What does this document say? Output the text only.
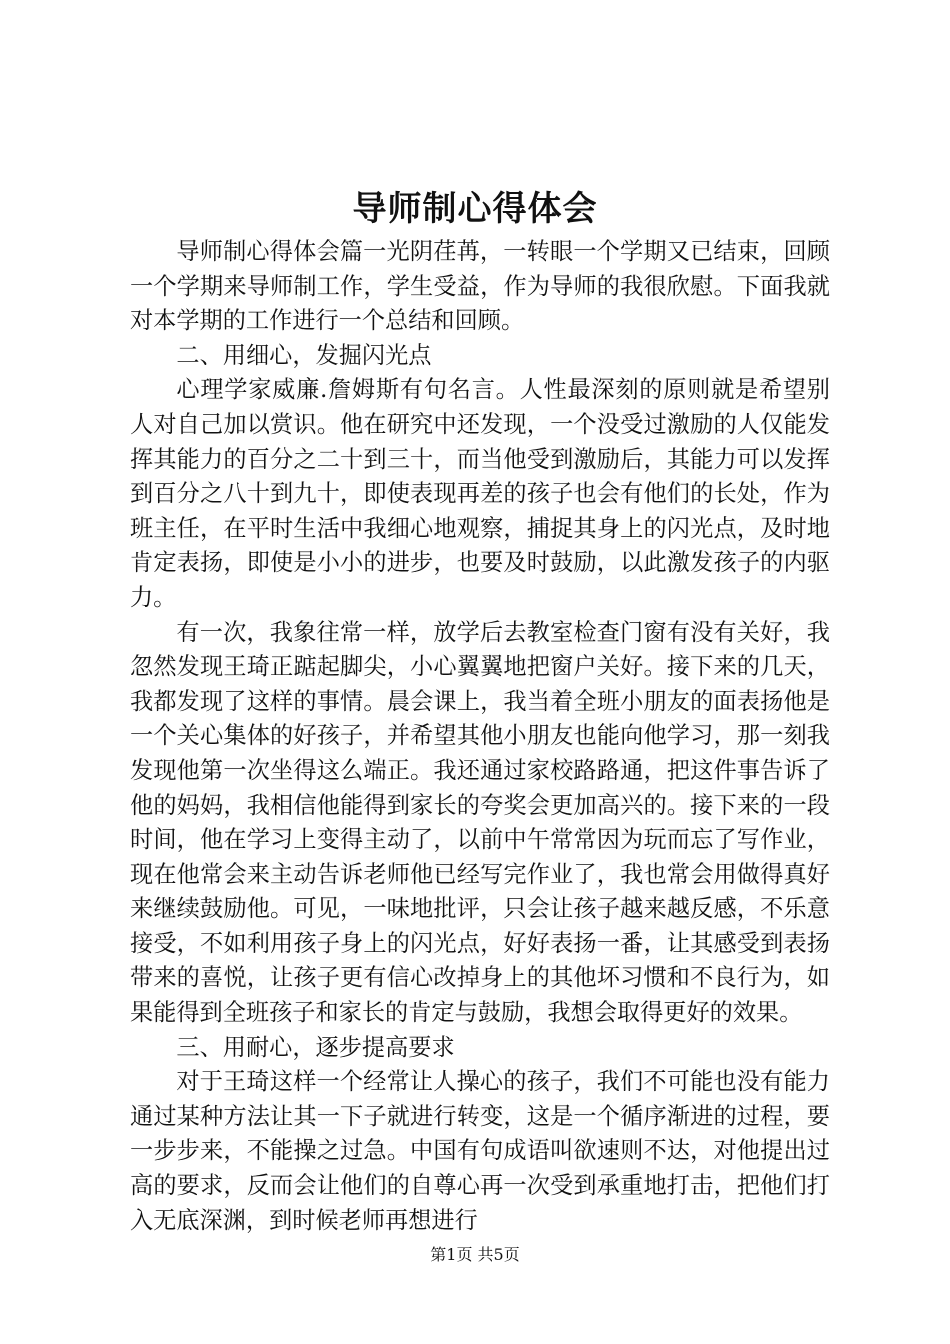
导师制心得体会

导师制心得体会篇一光阴荏苒，一转眼一个学期又已结束，回顾一个学期来导师制工作，学生受益，作为导师的我很欣慰。下面我就对本学期的工作进行一个总结和回顾。

二、用细心，发掘闪光点

心理学家威廉.詹姆斯有句名言。人性最深刻的原则就是希望别人对自己加以赏识。他在研究中还发现，一个没受过激励的人仅能发挥其能力的百分之二十到三十，而当他受到激励后，其能力可以发挥到百分之八十到九十，即使表现再差的孩子也会有他们的长处，作为班主任，在平时生活中我细心地观察，捕捉其身上的闪光点，及时地肯定表扬，即使是小小的进步，也要及时鼓励，以此激发孩子的内驱力。

有一次，我象往常一样，放学后去教室检查门窗有没有关好，我忽然发现王琦正踮起脚尖，小心翼翼地把窗户关好。接下来的几天，我都发现了这样的事情。晨会课上，我当着全班小朋友的面表扬他是一个关心集体的好孩子，并希望其他小朋友也能向他学习，那一刻我发现他第一次坐得这么端正。我还通过家校路路通，把这件事告诉了他的妈妈，我相信他能得到家长的夸奖会更加高兴的。接下来的一段时间，他在学习上变得主动了，以前中午常常因为玩而忘了写作业，现在他常会来主动告诉老师他已经写完作业了，我也常会用做得真好来继续鼓励他。可见，一味地批评，只会让孩子越来越反感，不乐意接受，不如利用孩子身上的闪光点，好好表扬一番，让其感受到表扬带来的喜悦，让孩子更有信心改掉身上的其他坏习惯和不良行为，如果能得到全班孩子和家长的肯定与鼓励，我想会取得更好的效果。

三、用耐心，逐步提高要求

对于王琦这样一个经常让人操心的孩子，我们不可能也没有能力通过某种方法让其一下子就进行转变，这是一个循序渐进的过程，要一步步来，不能操之过急。中国有句成语叫欲速则不达，对他提出过高的要求，反而会让他们的自尊心再一次受到承重地打击，把他们打入无底深渊，到时候老师再想进行

第1页 共5页
